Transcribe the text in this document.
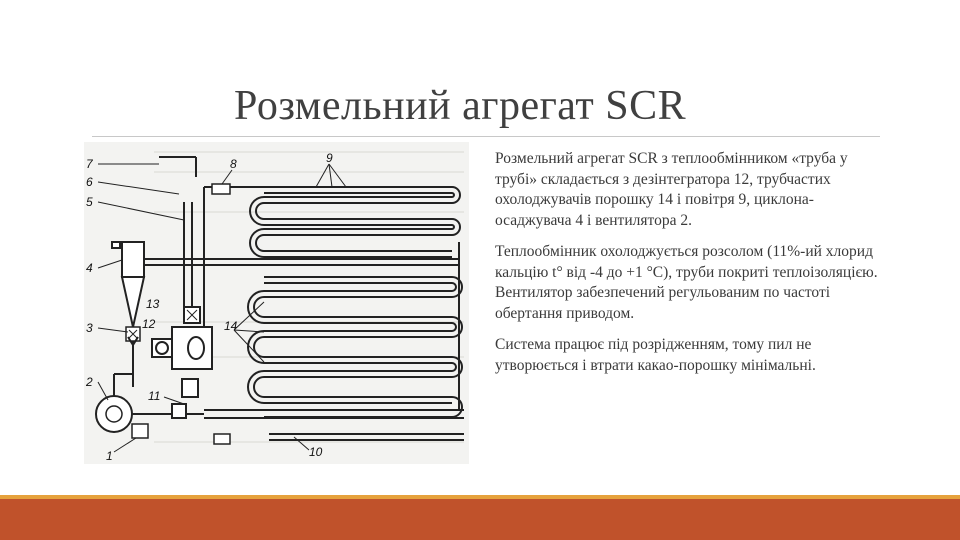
Розмельний агрегат SCR
7
6
5
4
3
2
1
8	9
13
12	14
11
10

Розмельний агрегат SCR з теплообмінником «труба у трубі» складається з дезінтегратора 12, трубчастих охолоджувачів порошку 14 і повітря 9, циклона-осаджувача 4 і вентилятора 2.

Теплообмінник охолоджується розсолом (11%-ий хлорид кальцію t° від -4 до +1 °С), труби покриті теплоізоляцією. Вентилятор забезпечений регульованим по частоті обертання приводом.

Система працює під розрідженням, тому пил не утворюється і втрати какао-порошку мінімальні.
